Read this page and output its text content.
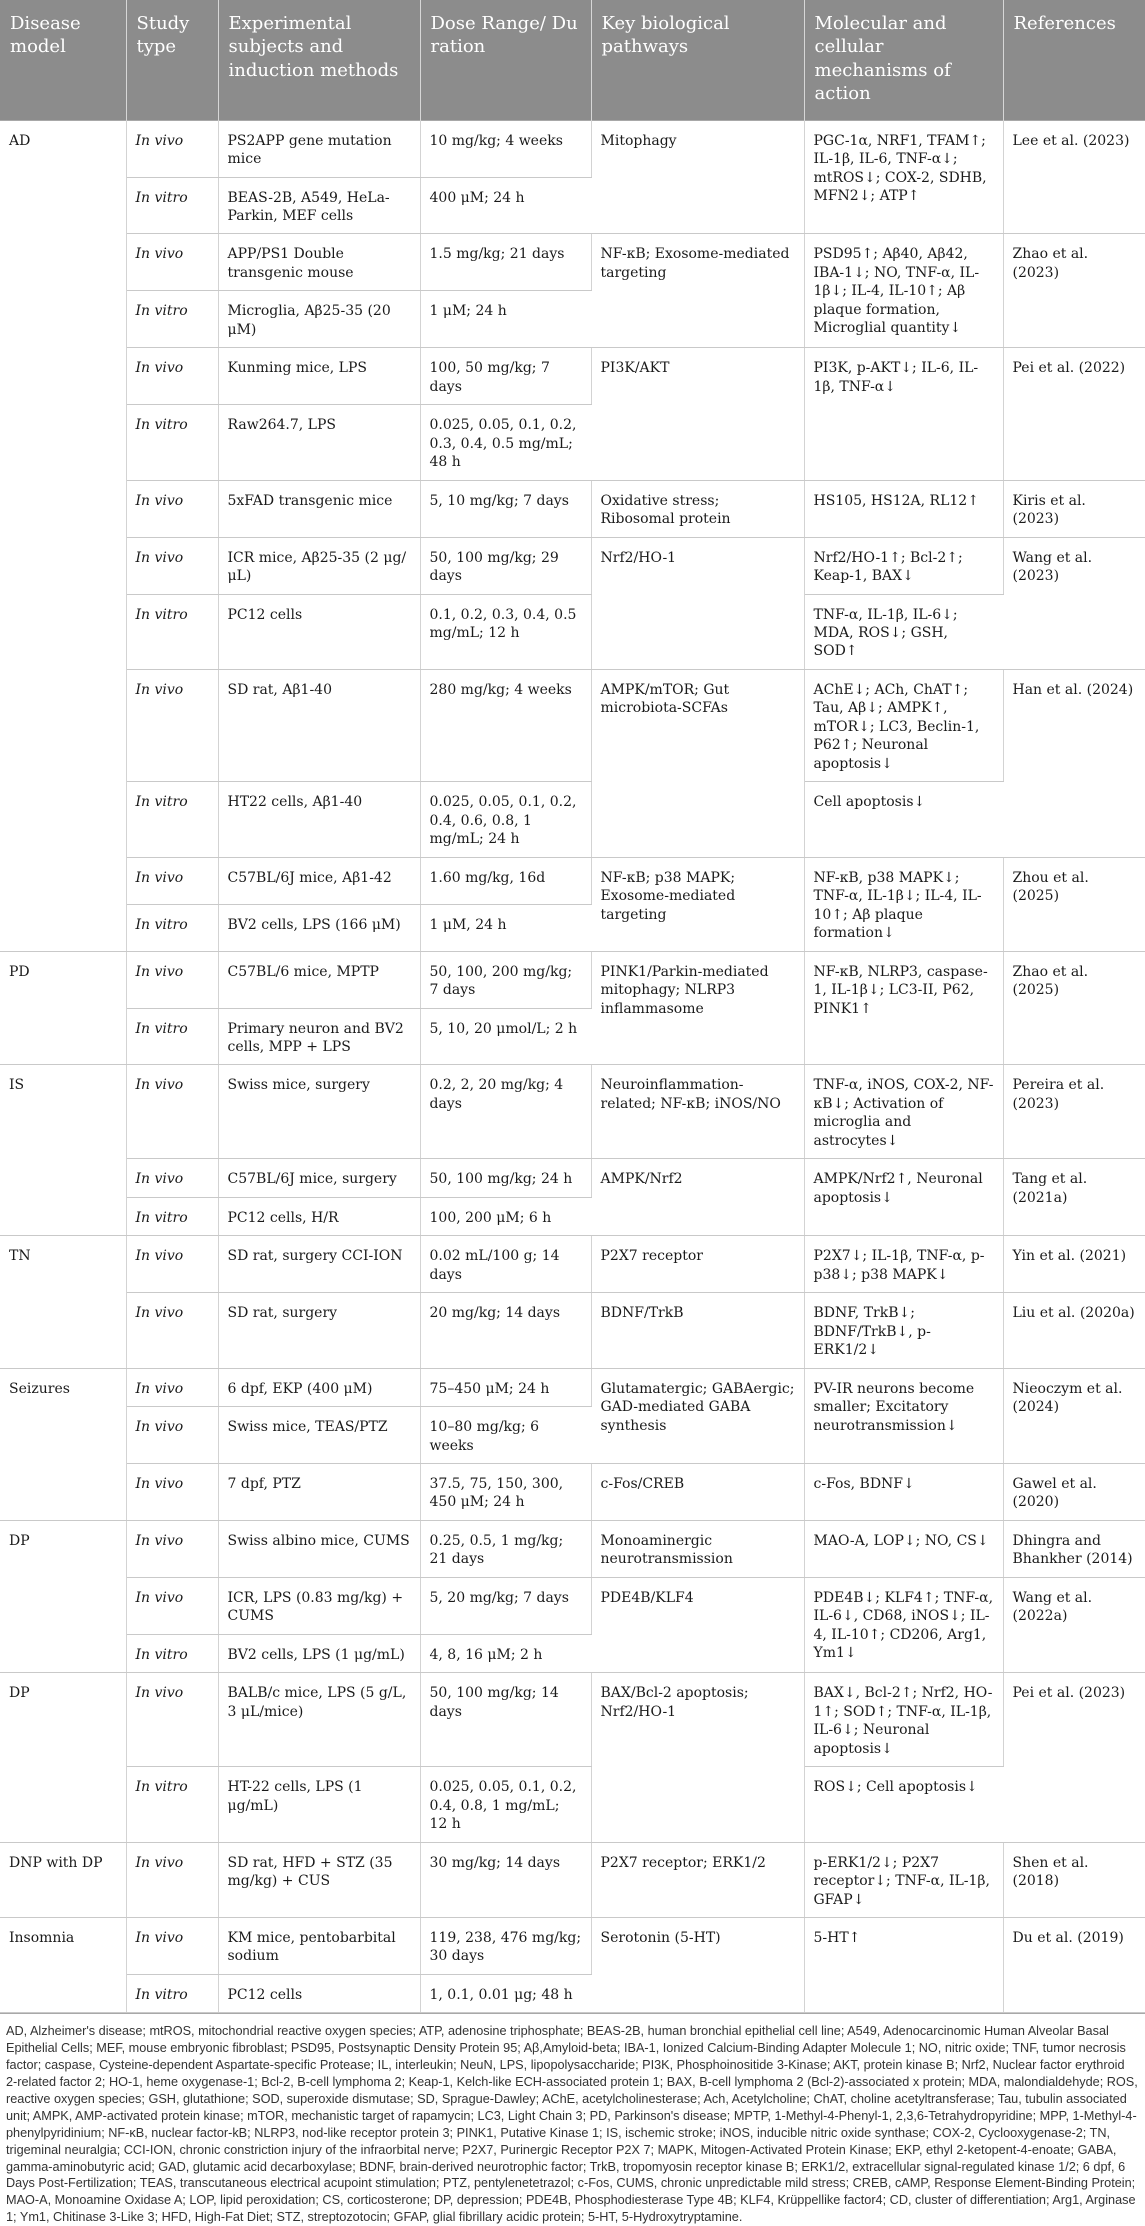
Disease model	Study type	Experimental subjects and induction methods	Dose Range/ Du ration	Key biological pathways	Molecular and cellular mechanisms of action	References
AD	In vivo	PS2APP gene mutation mice	10 mg/kg; 4 weeks	Mitophagy	PGC-1α, NRF1, TFAM↑; IL-1β, IL-6, TNF-α↓; mtROS↓; COX-2, SDHB, MFN2↓; ATP↑	Lee et al. (2023)
	In vitro	BEAS-2B, A549, HeLa-Parkin, MEF cells	400 μM; 24 h			
	In vivo	APP/PS1 Double transgenic mouse	1.5 mg/kg; 21 days	NF-κB; Exosome-mediated targeting	PSD95↑; Aβ40, Aβ42, IBA-1↓; NO, TNF-α, IL-1β↓; IL-4, IL-10↑; Aβ plaque formation, Microglial quantity↓	Zhao et al. (2023)
	In vitro	Microglia, Aβ25-35 (20 μM)	1 μM; 24 h			
	In vivo	Kunming mice, LPS	100, 50 mg/kg; 7 days	PI3K/AKT	PI3K, p-AKT↓; IL-6, IL-1β, TNF-α↓	Pei et al. (2022)
	In vitro	Raw264.7, LPS	0.025, 0.05, 0.1, 0.2, 0.3, 0.4, 0.5 mg/mL; 48 h			
	In vivo	5xFAD transgenic mice	5, 10 mg/kg; 7 days	Oxidative stress; Ribosomal protein	HS105, HS12A, RL12↑	Kiris et al. (2023)
	In vivo	ICR mice, Aβ25-35 (2 μg/μL)	50, 100 mg/kg; 29 days	Nrf2/HO-1	Nrf2/HO-1↑; Bcl-2↑; Keap-1, BAX↓	Wang et al. (2023)
	In vitro	PC12 cells	0.1, 0.2, 0.3, 0.4, 0.5 mg/mL; 12 h		TNF-α, IL-1β, IL-6↓; MDA, ROS↓; GSH, SOD↑	
	In vivo	SD rat, Aβ1-40	280 mg/kg; 4 weeks	AMPK/mTOR; Gut microbiota-SCFAs	AChE↓; ACh, ChAT↑; Tau, Aβ↓; AMPK↑, mTOR↓; LC3, Beclin-1, P62↑; Neuronal apoptosis↓	Han et al. (2024)
	In vitro	HT22 cells, Aβ1-40	0.025, 0.05, 0.1, 0.2, 0.4, 0.6, 0.8, 1 mg/mL; 24 h		Cell apoptosis↓	
	In vivo	C57BL/6J mice, Aβ1-42	1.60 mg/kg, 16d	NF-κB; p38 MAPK; Exosome-mediated targeting	NF-κB, p38 MAPK↓; TNF-α, IL-1β↓; IL-4, IL-10↑; Aβ plaque formation↓	Zhou et al. (2025)
	In vitro	BV2 cells, LPS (166 μM)	1 μM, 24 h			
PD	In vivo	C57BL/6 mice, MPTP	50, 100, 200 mg/kg; 7 days	PINK1/Parkin-mediated mitophagy; NLRP3 inflammasome	NF-κB, NLRP3, caspase-1, IL-1β↓; LC3-II, P62, PINK1↑	Zhao et al. (2025)
	In vitro	Primary neuron and BV2 cells, MPP + LPS	5, 10, 20 μmol/L; 2 h			
IS	In vivo	Swiss mice, surgery	0.2, 2, 20 mg/kg; 4 days	Neuroinflammation-related; NF-κB; iNOS/NO	TNF-α, iNOS, COX-2, NF-κB↓; Activation of microglia and astrocytes↓	Pereira et al. (2023)
	In vivo	C57BL/6J mice, surgery	50, 100 mg/kg; 24 h	AMPK/Nrf2	AMPK/Nrf2↑, Neuronal apoptosis↓	Tang et al. (2021a)
	In vitro	PC12 cells, H/R	100, 200 μM; 6 h			
TN	In vivo	SD rat, surgery CCI-ION	0.02 mL/100 g; 14 days	P2X7 receptor	P2X7↓; IL-1β, TNF-α, p-p38↓; p38 MAPK↓	Yin et al. (2021)
	In vivo	SD rat, surgery	20 mg/kg; 14 days	BDNF/TrkB	BDNF, TrkB↓; BDNF/TrkB↓, p-ERK1/2↓	Liu et al. (2020a)
Seizures	In vivo	6 dpf, EKP (400 μM)	75–450 μM; 24 h	Glutamatergic; GABAergic; GAD-mediated GABA synthesis	PV-IR neurons become smaller; Excitatory neurotransmission↓	Nieoczym et al. (2024)
	In vivo	Swiss mice, TEAS/PTZ	10–80 mg/kg; 6 weeks			
	In vivo	7 dpf, PTZ	37.5, 75, 150, 300, 450 μM; 24 h	c-Fos/CREB	c-Fos, BDNF↓	Gawel et al. (2020)
DP	In vivo	Swiss albino mice, CUMS	0.25, 0.5, 1 mg/kg; 21 days	Monoaminergic neurotransmission	MAO-A, LOP↓; NO, CS↓	Dhingra and Bhankher (2014)
	In vivo	ICR, LPS (0.83 mg/kg) + CUMS	5, 20 mg/kg; 7 days	PDE4B/KLF4	PDE4B↓; KLF4↑; TNF-α, IL-6↓, CD68, iNOS↓; IL-4, IL-10↑; CD206, Arg1, Ym1↓	Wang et al. (2022a)
	In vitro	BV2 cells, LPS (1 μg/mL)	4, 8, 16 μM; 2 h			
DP	In vivo	BALB/c mice, LPS (5 g/L, 3 μL/mice)	50, 100 mg/kg; 14 days	BAX/Bcl-2 apoptosis; Nrf2/HO-1	BAX↓, Bcl-2↑; Nrf2, HO-1↑; SOD↑; TNF-α, IL-1β, IL-6↓; Neuronal apoptosis↓	Pei et al. (2023)
	In vitro	HT-22 cells, LPS (1 μg/mL)	0.025, 0.05, 0.1, 0.2, 0.4, 0.8, 1 mg/mL; 12 h		ROS↓; Cell apoptosis↓	
DNP with DP	In vivo	SD rat, HFD + STZ (35 mg/kg) + CUS	30 mg/kg; 14 days	P2X7 receptor; ERK1/2	p-ERK1/2↓; P2X7 receptor↓; TNF-α, IL-1β, GFAP↓	Shen et al. (2018)
Insomnia	In vivo	KM mice, pentobarbital sodium	119, 238, 476 mg/kg; 30 days	Serotonin (5-HT)	5-HT↑	Du et al. (2019)
	In vitro	PC12 cells	1, 0.1, 0.01 μg; 48 h			
AD, Alzheimer's disease; mtROS, mitochondrial reactive oxygen species; ATP, adenosine triphosphate; BEAS-2B, human bronchial epithelial cell line; A549, Adenocarcinomic Human Alveolar Basal Epithelial Cells; MEF, mouse embryonic fibroblast; PSD95, Postsynaptic Density Protein 95; Aβ,Amyloid-beta; IBA-1, Ionized Calcium-Binding Adapter Molecule 1; NO, nitric oxide; TNF, tumor necrosis factor; caspase, Cysteine-dependent Aspartate-specific Protease; IL, interleukin; NeuN, LPS, lipopolysaccharide; PI3K, Phosphoinositide 3-Kinase; AKT, protein kinase B; Nrf2, Nuclear factor erythroid 2-related factor 2; HO-1, heme oxygenase-1; Bcl-2, B-cell lymphoma 2; Keap-1, Kelch-like ECH-associated protein 1; BAX, B-cell lymphoma 2 (Bcl-2)-associated x protein; MDA, malondialdehyde; ROS, reactive oxygen species; GSH, glutathione; SOD, superoxide dismutase; SD, Sprague-Dawley; AChE, acetylcholinesterase; Ach, Acetylcholine; ChAT, choline acetyltransferase; Tau, tubulin associated unit; AMPK, AMP-activated protein kinase; mTOR, mechanistic target of rapamycin; LC3, Light Chain 3; PD, Parkinson's disease; MPTP, 1-Methyl-4-Phenyl-1, 2,3,6-Tetrahydropyridine; MPP, 1-Methyl-4-phenylpyridinium; NF-κB, nuclear factor-kB; NLRP3, nod-like receptor protein 3; PINK1, Putative Kinase 1; IS, ischemic stroke; iNOS, inducible nitric oxide synthase; COX-2, Cyclooxygenase-2; TN, trigeminal neuralgia; CCI-ION, chronic constriction injury of the infraorbital nerve; P2X7, Purinergic Receptor P2X 7; MAPK, Mitogen-Activated Protein Kinase; EKP, ethyl 2-ketopent-4-enoate; GABA, gamma-aminobutyric acid; GAD, glutamic acid decarboxylase; BDNF, brain-derived neurotrophic factor; TrkB, tropomyosin receptor kinase B; ERK1/2, extracellular signal-regulated kinase 1/2; 6 dpf, 6 Days Post-Fertilization; TEAS, transcutaneous electrical acupoint stimulation; PTZ, pentylenetetrazol; c-Fos, CUMS, chronic unpredictable mild stress; CREB, cAMP, Response Element-Binding Protein; MAO-A, Monoamine Oxidase A; LOP, lipid peroxidation; CS, corticosterone; DP, depression; PDE4B, Phosphodiesterase Type 4B; KLF4, Krüppellike factor4; CD, cluster of differentiation; Arg1, Arginase 1; Ym1, Chitinase 3-Like 3; HFD, High-Fat Diet; STZ, streptozotocin; GFAP, glial fibrillary acidic protein; 5-HT, 5-Hydroxytryptamine.
